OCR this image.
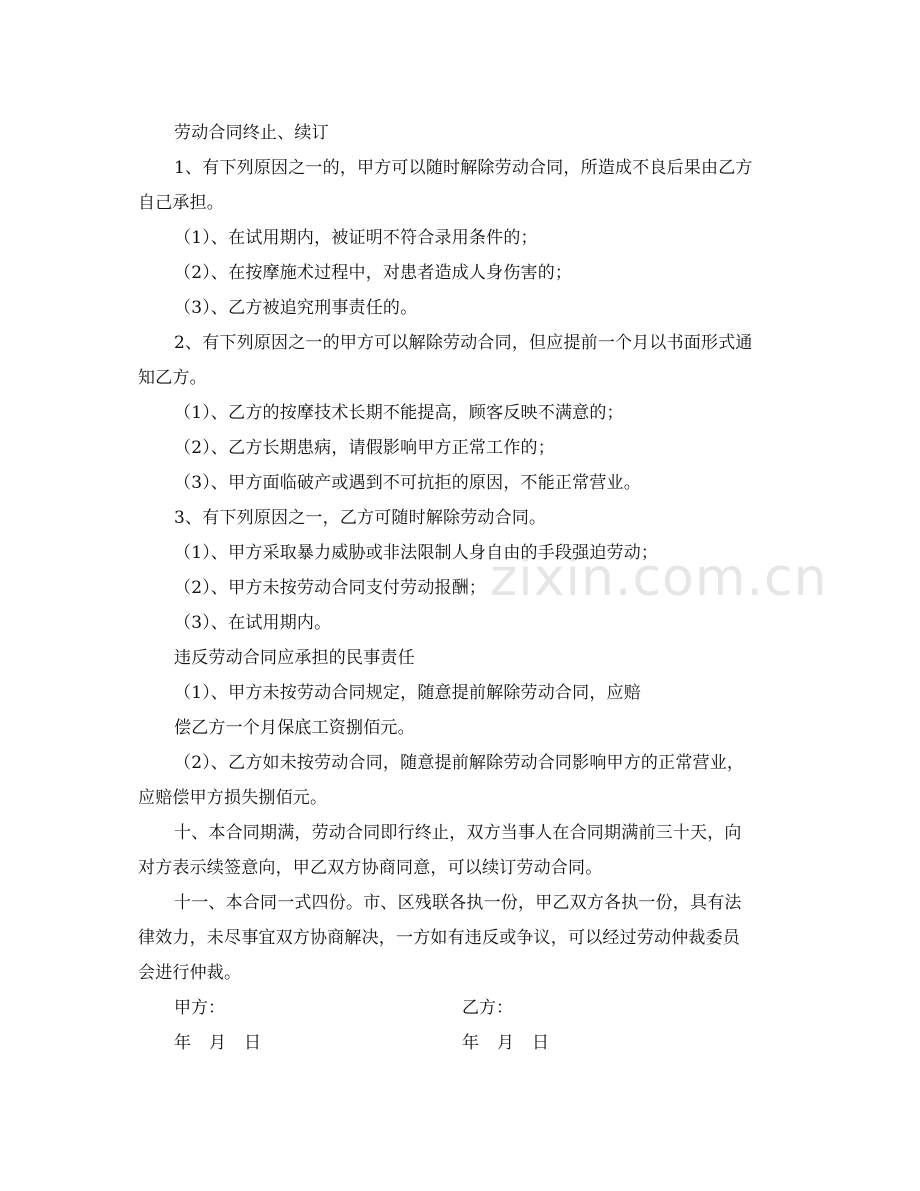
zixin.com.cn
劳动合同终止、续订
1、有下列原因之一的，甲方可以随时解除劳动合同，所造成不良后果由乙方
自己承担。
（1）、在试用期内，被证明不符合录用条件的；
（2）、在按摩施术过程中，对患者造成人身伤害的；
（3）、乙方被追究刑事责任的。
2、有下列原因之一的甲方可以解除劳动合同，但应提前一个月以书面形式通
知乙方。
（1）、乙方的按摩技术长期不能提高，顾客反映不满意的；
（2）、乙方长期患病，请假影响甲方正常工作的；
（3）、甲方面临破产或遇到不可抗拒的原因，不能正常营业。
3、有下列原因之一，乙方可随时解除劳动合同。
（1）、甲方采取暴力威胁或非法限制人身自由的手段强迫劳动；
（2）、甲方未按劳动合同支付劳动报酬；
（3）、在试用期内。
违反劳动合同应承担的民事责任
（1）、甲方未按劳动合同规定，随意提前解除劳动合同，应赔
偿乙方一个月保底工资捌佰元。
（2）、乙方如未按劳动合同，随意提前解除劳动合同影响甲方的正常营业，
应赔偿甲方损失捌佰元。
十、本合同期满，劳动合同即行终止，双方当事人在合同期满前三十天，向
对方表示续签意向，甲乙双方协商同意，可以续订劳动合同。
十一、本合同一式四份。市、区残联各执一份，甲乙双方各执一份，具有法
律效力，未尽事宜双方协商解决，一方如有违反或争议，可以经过劳动仲裁委员
会进行仲裁。
甲方：	乙方：
年 月 日	年 月 日
